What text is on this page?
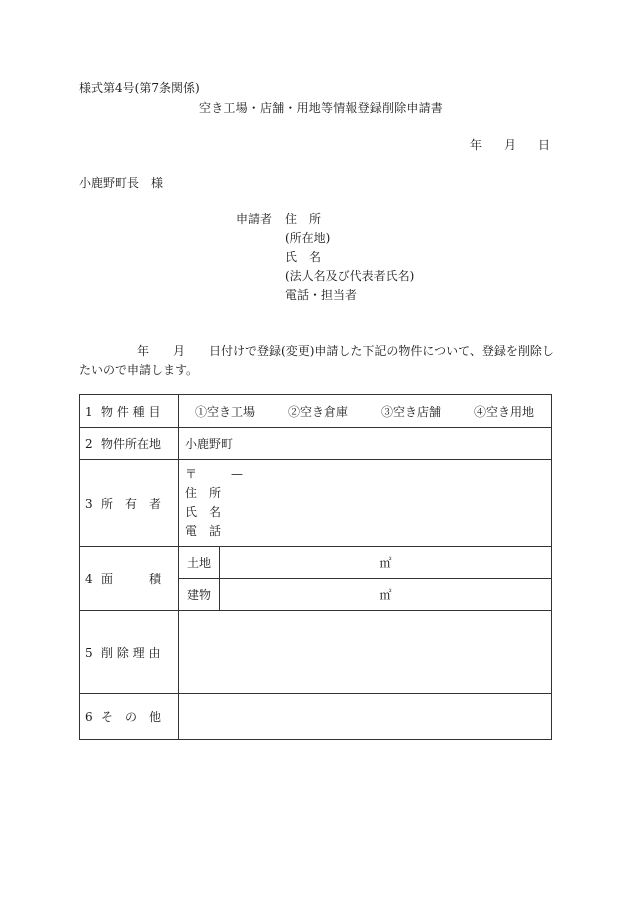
様式第4号(第7条関係)
空き工場・店舗・用地等情報登録削除申請書
年 月 日
小鹿野町長　様
申請者 住　所
(所在地)
氏　名
(法人名及び代表者氏名)
電話・担当者
年 月 日付けで登録(変更)申請した下記の物件について、登録を削除し
たいので申請します。
1 物 件 種 目	①空き工場 ②空き倉庫 ③空き店舗 ④空き用地	

2 物件所在地	小鹿野町	
3 所　有　者	〒 —
住　所
氏　名
電　話	

4 面　　　積	土地	㎡
	建物	㎡
5 削 除 理 由		
6 そ　の　他		
